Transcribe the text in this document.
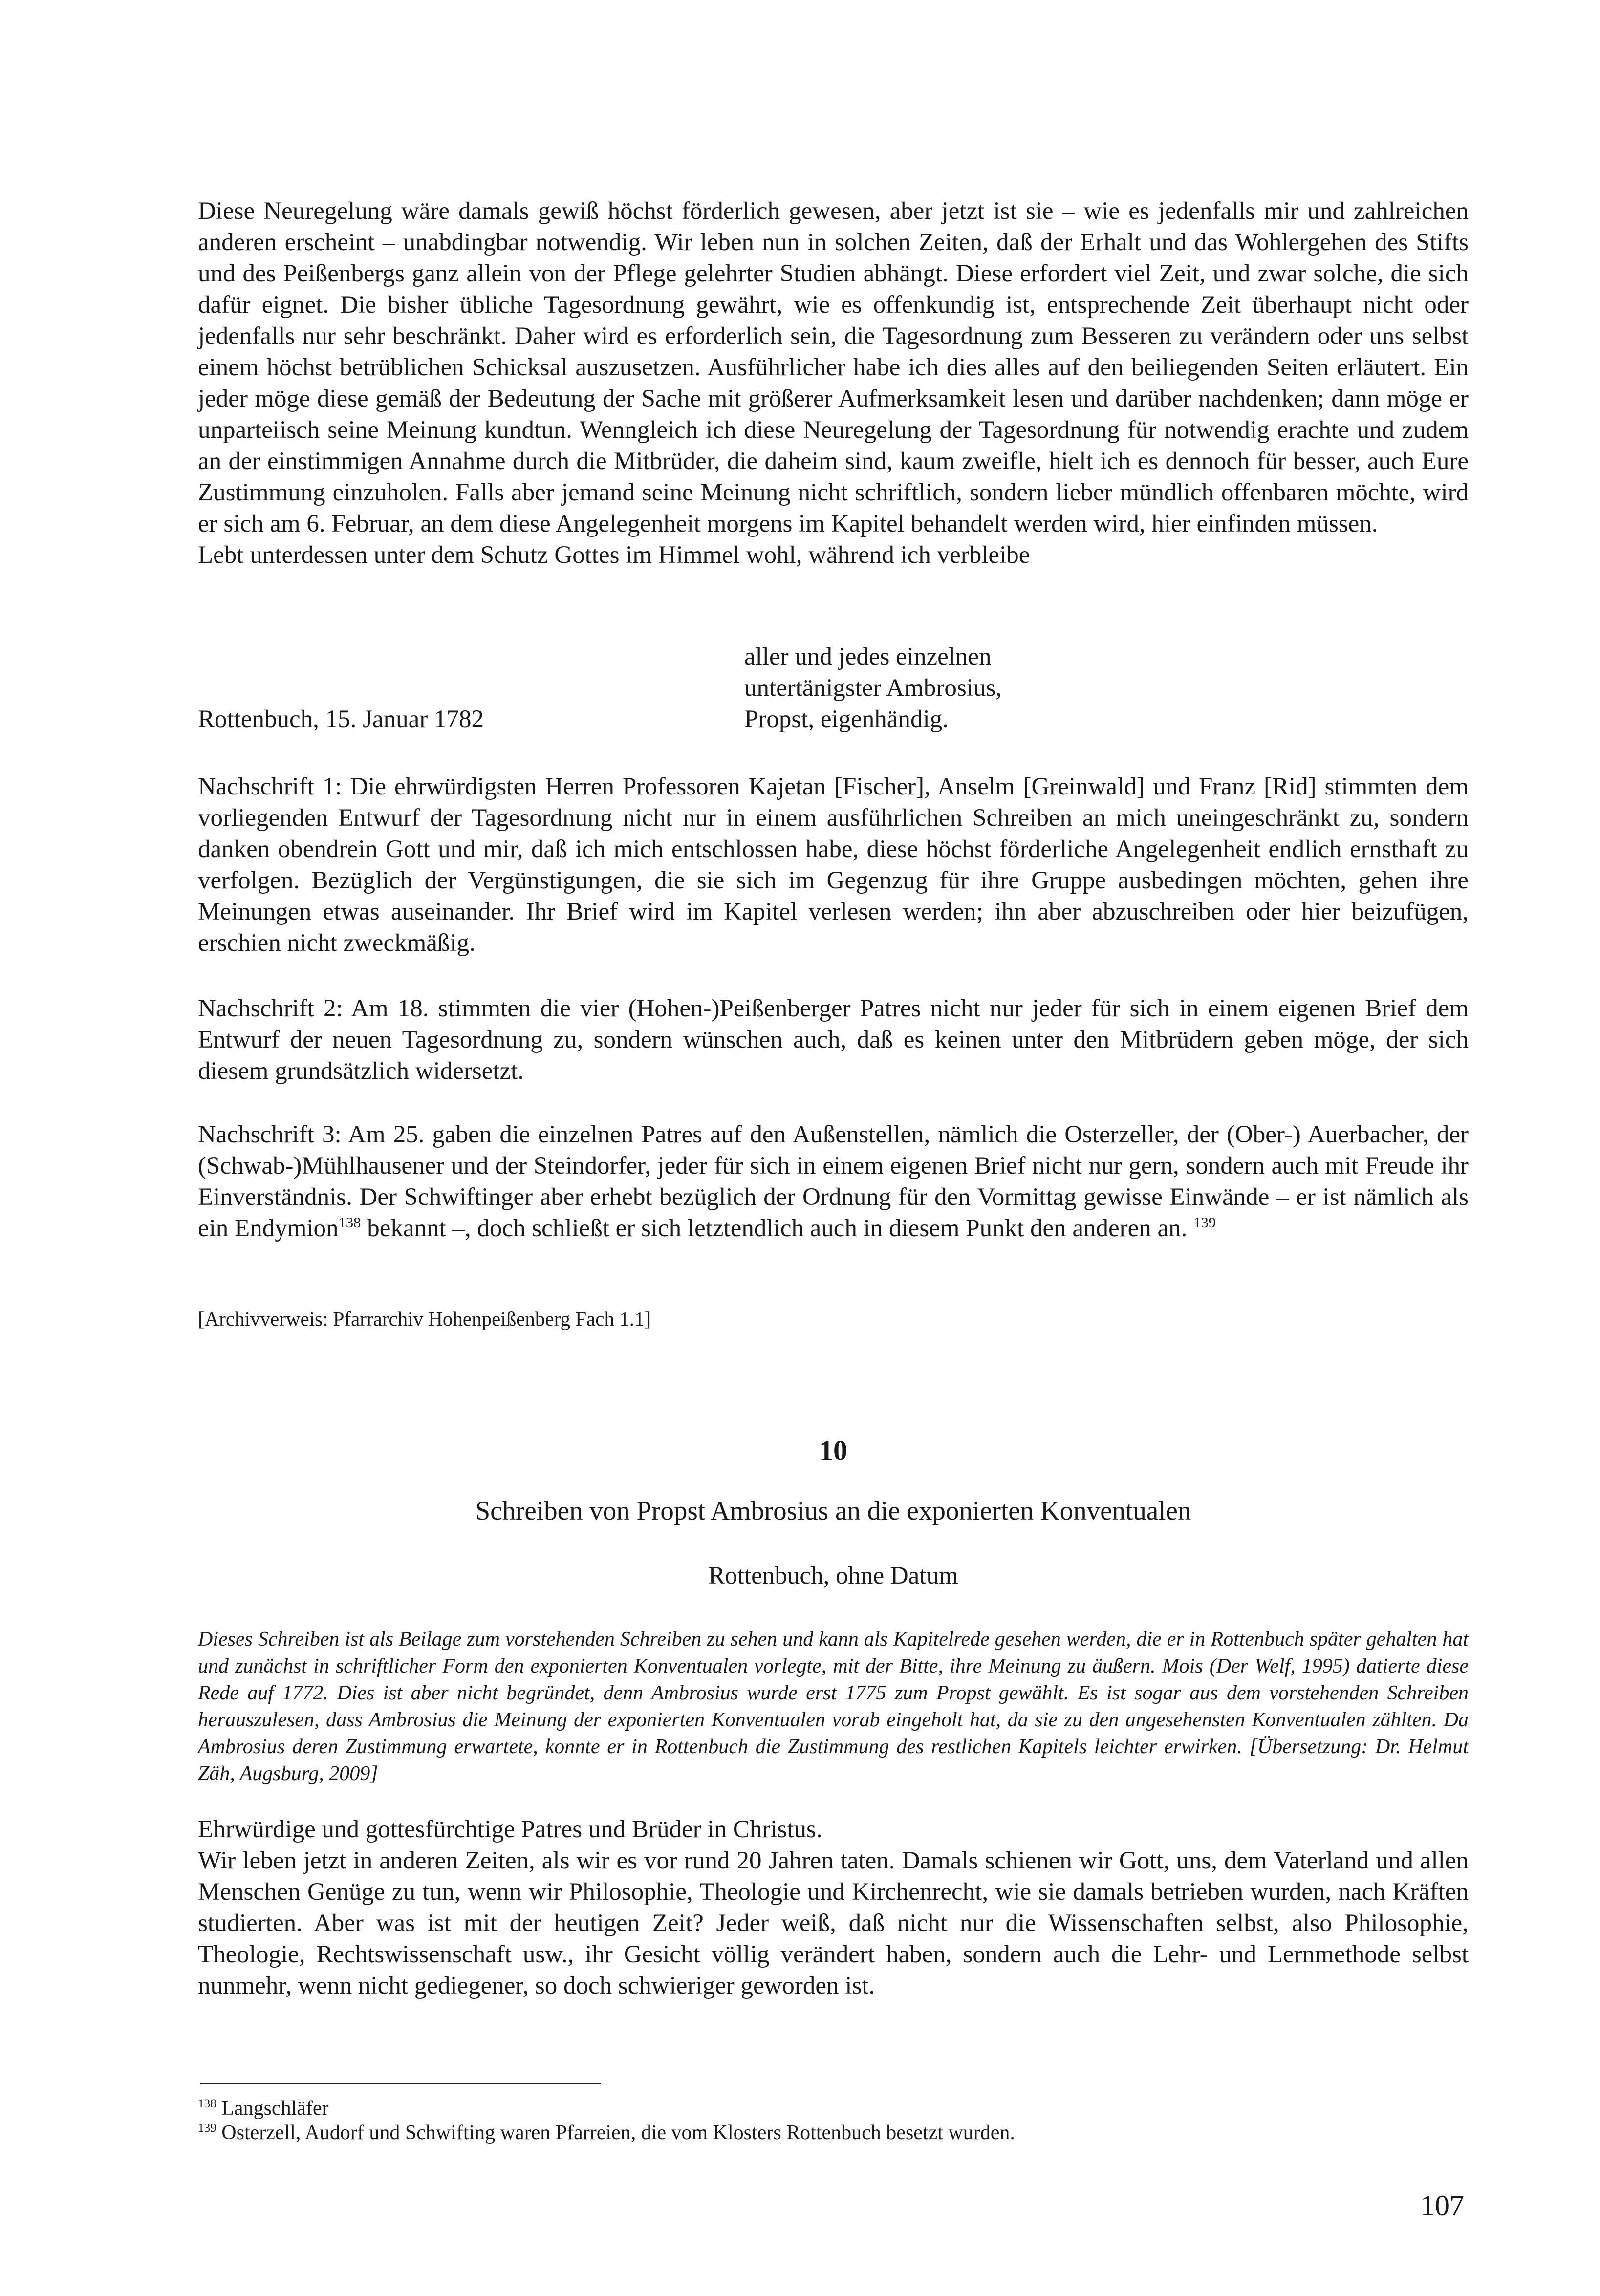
Diese Neuregelung wäre damals gewiß höchst förderlich gewesen, aber jetzt ist sie – wie es jedenfalls mir und zahlreichen anderen erscheint – unabdingbar notwendig. Wir leben nun in solchen Zeiten, daß der Erhalt und das Wohlergehen des Stifts und des Peißenbergs ganz allein von der Pflege gelehrter Studien abhängt. Diese erfordert viel Zeit, und zwar solche, die sich dafür eignet. Die bisher übliche Tagesordnung gewährt, wie es offenkundig ist, entsprechende Zeit überhaupt nicht oder jedenfalls nur sehr beschränkt. Daher wird es erforderlich sein, die Tagesordnung zum Besseren zu verändern oder uns selbst einem höchst betrüblichen Schicksal auszusetzen. Ausführlicher habe ich dies alles auf den beiliegenden Seiten erläutert. Ein jeder möge diese gemäß der Bedeutung der Sache mit größerer Aufmerksamkeit lesen und darüber nachdenken; dann möge er unparteiisch seine Meinung kundtun. Wenngleich ich diese Neuregelung der Tagesordnung für notwendig erachte und zudem an der einstimmigen Annahme durch die Mitbrüder, die daheim sind, kaum zweifle, hielt ich es dennoch für besser, auch Eure Zustimmung einzuholen. Falls aber jemand seine Meinung nicht schriftlich, sondern lieber mündlich offenbaren möchte, wird er sich am 6. Februar, an dem diese Angelegenheit morgens im Kapitel behandelt werden wird, hier einfinden müssen.

Lebt unterdessen unter dem Schutz Gottes im Himmel wohl, während ich verbleibe

aller und jedes einzelnen
untertänigster Ambrosius,
Propst, eigenhändig.
Rottenbuch, 15. Januar 1782

Nachschrift 1: Die ehrwürdigsten Herren Professoren Kajetan [Fischer], Anselm [Greinwald] und Franz [Rid] stimmten dem vorliegenden Entwurf der Tagesordnung nicht nur in einem ausführlichen Schreiben an mich uneingeschränkt zu, sondern danken obendrein Gott und mir, daß ich mich entschlossen habe, diese höchst förderliche Angelegenheit endlich ernsthaft zu verfolgen. Bezüglich der Vergünstigungen, die sie sich im Gegenzug für ihre Gruppe ausbedingen möchten, gehen ihre Meinungen etwas auseinander. Ihr Brief wird im Kapitel verlesen werden; ihn aber abzuschreiben oder hier beizufügen, erschien nicht zweckmäßig.

Nachschrift 2: Am 18. stimmten die vier (Hohen-)Peißenberger Patres nicht nur jeder für sich in einem eigenen Brief dem Entwurf der neuen Tagesordnung zu, sondern wünschen auch, daß es keinen unter den Mitbrüdern geben möge, der sich diesem grundsätzlich widersetzt.

Nachschrift 3: Am 25. gaben die einzelnen Patres auf den Außenstellen, nämlich die Osterzeller, der (Ober-) Auerbacher, der (Schwab-)Mühlhausener und der Steindorfer, jeder für sich in einem eigenen Brief nicht nur gern, sondern auch mit Freude ihr Einverständnis. Der Schwiftinger aber erhebt bezüglich der Ordnung für den Vormittag gewisse Einwände – er ist nämlich als ein Endymion$^{138}$ bekannt –, doch schließt er sich letztendlich auch in diesem Punkt den anderen an. $^{139}$

[Archivverweis: Pfarrarchiv Hohenpeißenberg Fach 1.1]
10
Schreiben von Propst Ambrosius an die exponierten Konventualen
Rottenbuch, ohne Datum

Dieses Schreiben ist als Beilage zum vorstehenden Schreiben zu sehen und kann als Kapitelrede gesehen werden, die er in Rottenbuch später gehalten hat und zunächst in schriftlicher Form den exponierten Konventualen vorlegte, mit der Bitte, ihre Meinung zu äußern. Mois (Der Welf, 1995) datierte diese Rede auf 1772. Dies ist aber nicht begründet, denn Ambrosius wurde erst 1775 zum Propst gewählt. Es ist sogar aus dem vorstehenden Schreiben herauszulesen, dass Ambrosius die Meinung der exponierten Konventualen vorab eingeholt hat, da sie zu den angesehensten Konventualen zählten. Da Ambrosius deren Zustimmung erwartete, konnte er in Rottenbuch die Zustimmung des restlichen Kapitels leichter erwirken. [Übersetzung: Dr. Helmut Zäh, Augsburg, 2009]

Ehrwürdige und gottesfürchtige Patres und Brüder in Christus.

Wir leben jetzt in anderen Zeiten, als wir es vor rund 20 Jahren taten. Damals schienen wir Gott, uns, dem Vaterland und allen Menschen Genüge zu tun, wenn wir Philosophie, Theologie und Kirchenrecht, wie sie damals betrieben wurden, nach Kräften studierten. Aber was ist mit der heutigen Zeit? Jeder weiß, daß nicht nur die Wissenschaften selbst, also Philosophie, Theologie, Rechtswissenschaft usw., ihr Gesicht völlig verändert haben, sondern auch die Lehr- und Lernmethode selbst nunmehr, wenn nicht gediegener, so doch schwieriger geworden ist.

$^{138}$ Langschläfer

$^{139}$ Osterzell, Audorf und Schwifting waren Pfarreien, die vom Klosters Rottenbuch besetzt wurden.

107
